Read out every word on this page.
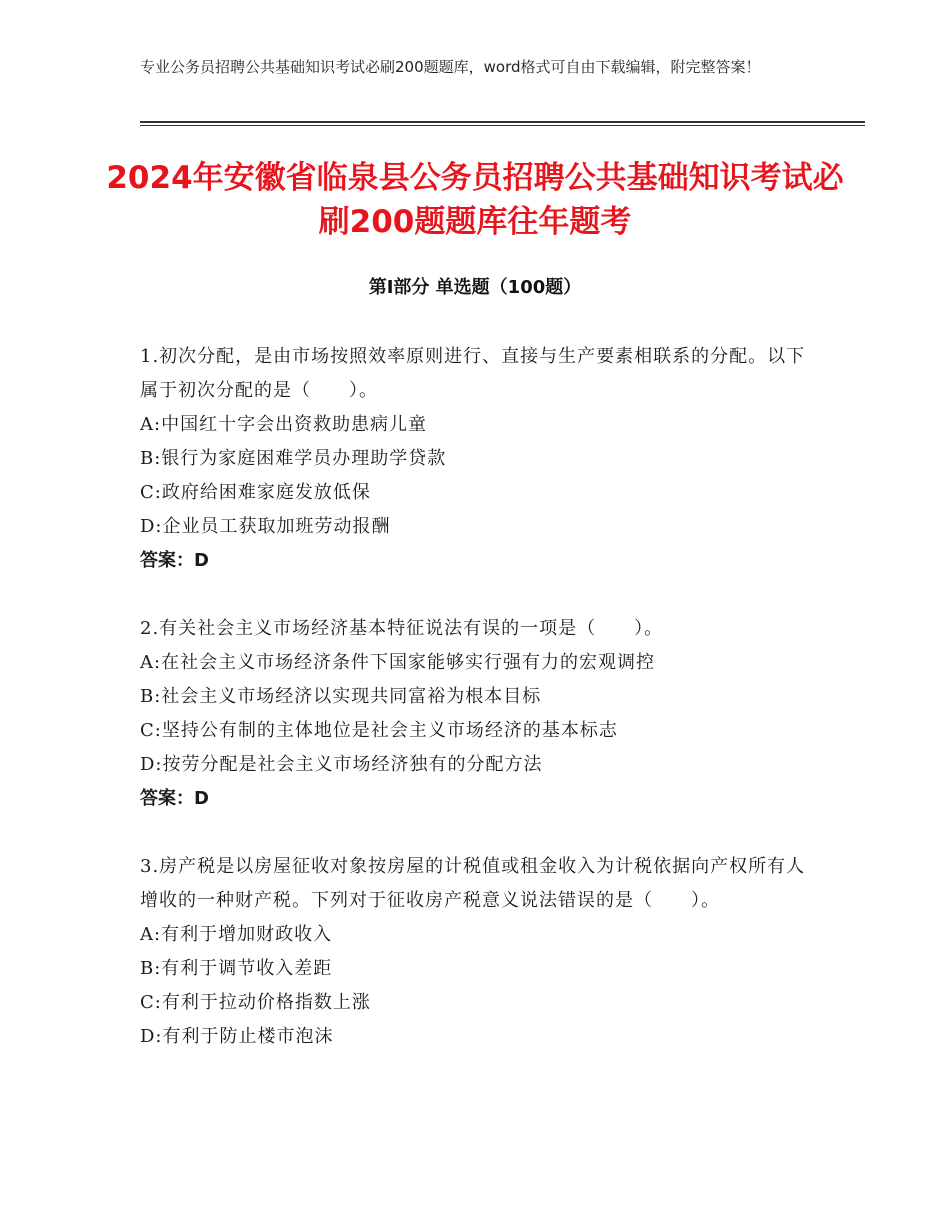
专业公务员招聘公共基础知识考试必刷200题题库，word格式可自由下载编辑，附完整答案！
2024年安徽省临泉县公务员招聘公共基础知识考试必刷200题题库往年题考
第Ⅰ部分 单选题（100题）

1.初次分配，是由市场按照效率原则进行、直接与生产要素相联系的分配。以下属于初次分配的是（　　）。

A:中国红十字会出资救助患病儿童

B:银行为家庭困难学员办理助学贷款

C:政府给困难家庭发放低保

D:企业员工获取加班劳动报酬

答案：D

2.有关社会主义市场经济基本特征说法有误的一项是（　　）。

A:在社会主义市场经济条件下国家能够实行强有力的宏观调控

B:社会主义市场经济以实现共同富裕为根本目标

C:坚持公有制的主体地位是社会主义市场经济的基本标志

D:按劳分配是社会主义市场经济独有的分配方法

答案：D

3.房产税是以房屋征收对象按房屋的计税值或租金收入为计税依据向产权所有人增收的一种财产税。下列对于征收房产税意义说法错误的是（　　）。

A:有利于增加财政收入

B:有利于调节收入差距

C:有利于拉动价格指数上涨

D:有利于防止楼市泡沫
